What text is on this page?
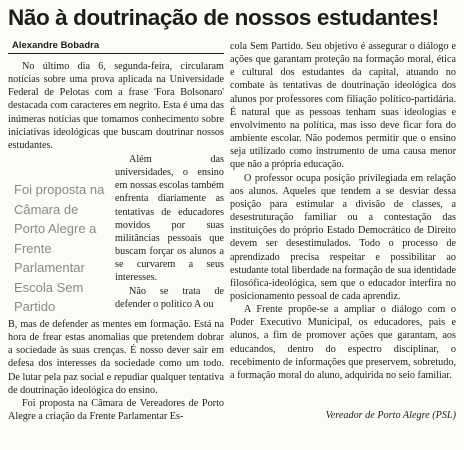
Não à doutrinação de nossos estudantes!
Alexandre Bobadra

No último dia 6, segunda-feira, circularam notícias sobre uma prova aplicada na Universidade Federal de Pelotas com a frase 'Fora Bolsonaro' destacada com caracteres em negrito. Esta é uma das inúmeras notícias que tomamos conhecimento sobre iniciativas ideológicas que buscam doutrinar nossos estudantes.

Foi proposta na Câmara de Porto Alegre a Frente Parlamentar Escola Sem Partido

Além das universidades, o ensino em nossas escolas também enfrenta diariamente as tentativas de educadores movidos por suas militâncias pessoais que buscam forçar os alunos a se curvarem a seus interesses.

Não se trata de defender o político A ou

B, mas de defender as mentes em formação. Está na hora de frear estas anomalias que pretendem dobrar a sociedade às suas crenças. É nosso dever sair em defesa dos interesses da sociedade como um todo. De lutar pela paz social e repudiar qualquer tentativa de doutrinação ideológica do ensino.

Foi proposta na Câmara de Vereadores de Porto Alegre a criação da Frente Parlamentar Es-

cola Sem Partido. Seu objetivo é assegurar o diálogo e ações que garantam proteção na formação moral, ética e cultural dos estudantes da capital, atuando no combate às tentativas de doutrinação ideológica dos alunos por professores com filiação político-partidária. É natural que as pessoas tenham suas ideologias e envolvimento na política, mas isso deve ficar fora do ambiente escolar. Não podemos permitir que o ensino seja utilizado como instrumento de uma causa menor que não a própria educação.

O professor ocupa posição privilegiada em relação aos alunos. Aqueles que tendem a se desviar dessa posição para estimular a divisão de classes, a desestruturação familiar ou a contestação das instituições do próprio Estado Democrático de Direito devem ser desestimulados. Todo o processo de aprendizado precisa respeitar e possibilitar ao estudante total liberdade na formação de sua identidade filosófica-ideológica, sem que o educador interfira no posicionamento pessoal de cada aprendiz.

A Frente propõe-se a ampliar o diálogo com o Poder Executivo Municipal, os educadores, pais e alunos, a fim de promover ações que garantam, aos educandos, dentro do espectro disciplinar, o recebimento de informações que preservem, sobretudo, a formação moral do aluno, adquirida no seio familiar.

Vereador de Porto Alegre (PSL)
